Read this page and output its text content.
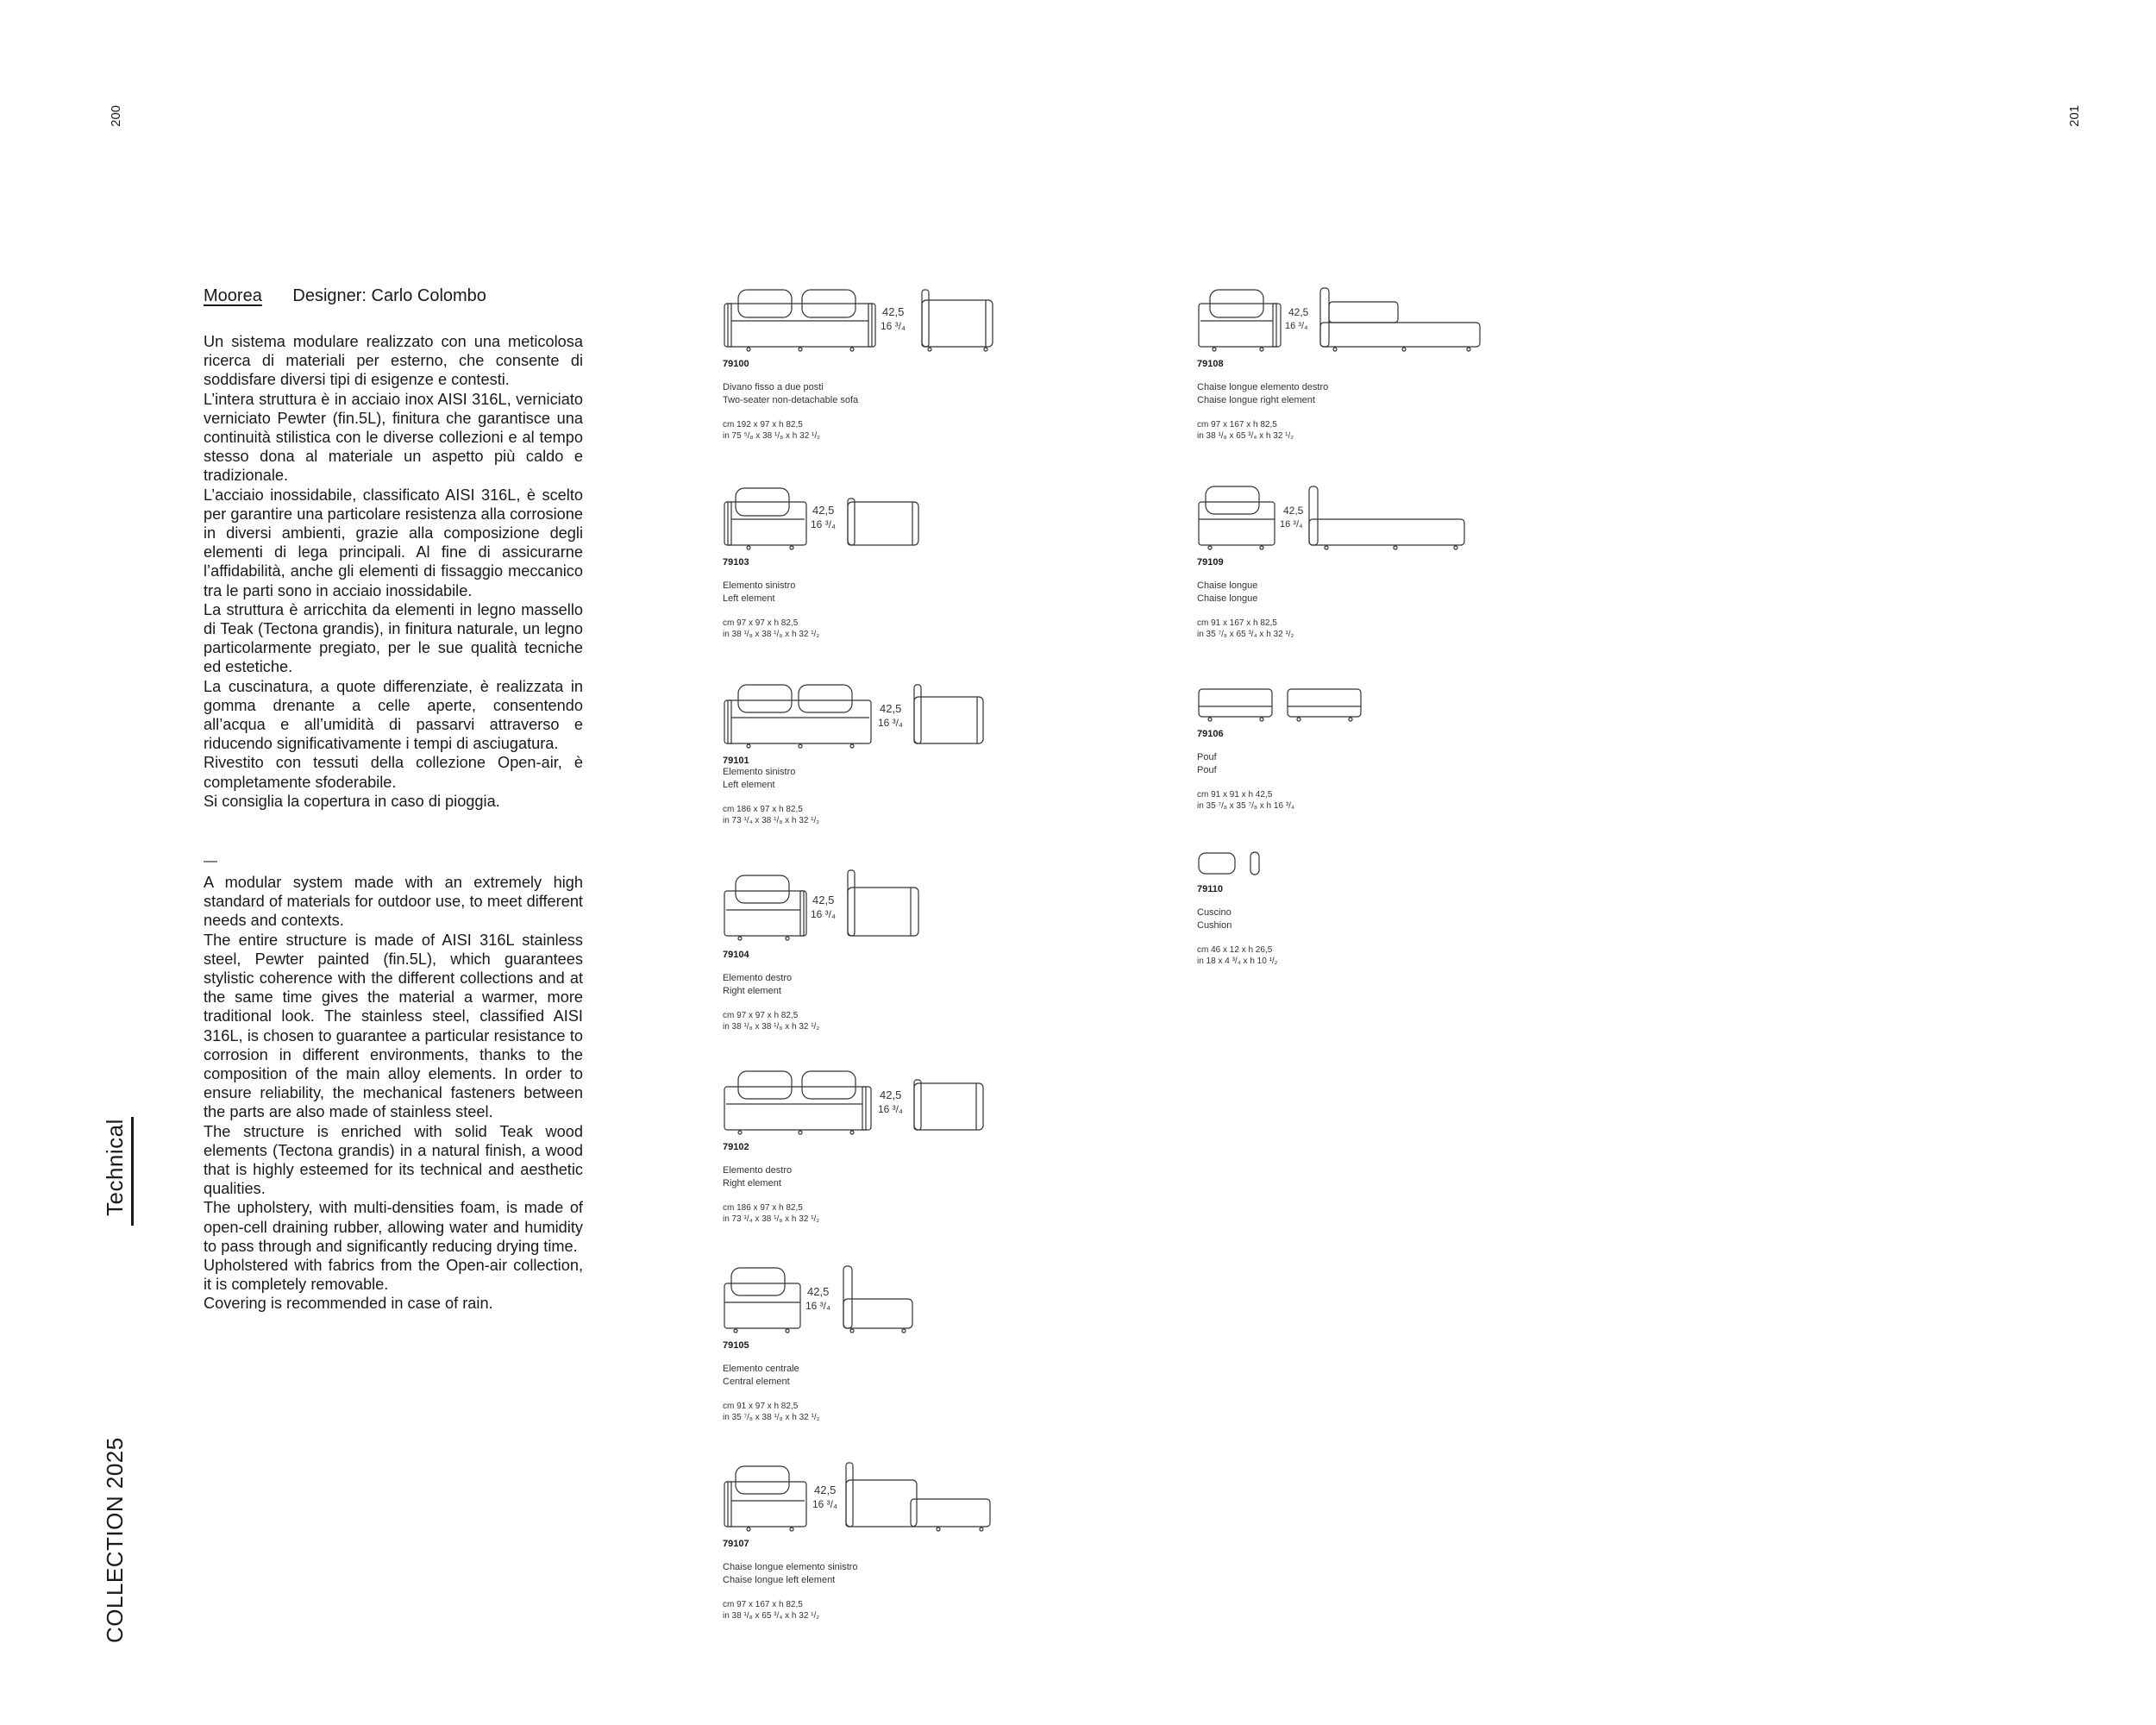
200	201
COLLECTION 2025
Technical
Moorea Designer: Carlo Colombo

Un sistema modulare realizzato con una meticolosa ricerca di materiali per esterno, che consente di soddisfare diversi tipi di esigenze e contesti.

L’intera struttura è in acciaio inox AISI 316L, verniciato verniciato Pewter (fin.5L), finitura che garantisce una continuità stilistica con le diverse collezioni e al tempo stesso dona al materiale un aspetto più caldo e tradizionale.

L’acciaio inossidabile, classificato AISI 316L, è scelto per garantire una particolare resistenza alla corrosione in diversi ambienti, grazie alla composizione degli elementi di lega principali. Al fine di assicurarne l’affidabilità, anche gli elementi di fissaggio meccanico tra le parti sono in acciaio inossidabile.

La struttura è arricchita da elementi in legno massello di Teak (Tectona grandis), in finitura naturale, un legno particolarmente pregiato, per le sue qualità tecniche ed estetiche.

La cuscinatura, a quote differenziate, è realizzata in gomma drenante a celle aperte, consentendo all’acqua e all’umidità di passarvi attraverso e riducendo significativamente i tempi di asciugatura.

Rivestito con tessuti della collezione Open-air, è completamente sfoderabile.

Si consiglia la copertura in caso di pioggia.

—

A modular system made with an extremely high standard of materials for outdoor use, to meet different needs and contexts.

The entire structure is made of AISI 316L stainless steel, Pewter painted (fin.5L), which guarantees stylistic coherence with the different collections and at the same time gives the material a warmer, more traditional look. The stainless steel, classified AISI 316L, is chosen to guarantee a particular resistance to corrosion in different environments, thanks to the composition of the main alloy elements. In order to ensure reliability, the mechanical fasteners between the parts are also made of stainless steel.

The structure is enriched with solid Teak wood elements (Tectona grandis) in a natural finish, a wood that is highly esteemed for its technical and aesthetic qualities.

The upholstery, with multi-densities foam, is made of open-cell draining rubber, allowing water and humidity to pass through and significantly reducing drying time.

Upholstered with fabrics from the Open-air collection, it is completely removable.

Covering is recommended in case of rain.

42,5
16 ³/₄
79100
Divano fisso a due posti
Two-seater non-detachable sofa
cm 192 x 97 x h 82,5
in 75 ⁵/₈ x 38 ¹/₈ x h 32 ¹/₂
42,5
16 ³/₄
79103
Elemento sinistro
Left element
cm 97 x 97 x h 82,5
in 38 ¹/₈ x 38 ¹/₈ x h 32 ¹/₂
42,5
16 ³/₄
79101
Elemento sinistro
Left element
cm 186 x 97 x h 82,5
in 73 ¹/₄ x 38 ¹/₈ x h 32 ¹/₂
42,5
16 ³/₄
79104
Elemento destro
Right element
cm 97 x 97 x h 82,5
in 38 ¹/₈ x 38 ¹/₈ x h 32 ¹/₂
42,5
16 ³/₄
79102
Elemento destro
Right element
cm 186 x 97 x h 82,5
in 73 ¹/₄ x 38 ¹/₈ x h 32 ¹/₂
42,5
16 ³/₄
79105
Elemento centrale
Central element
cm 91 x 97 x h 82,5
in 35 ⁷/₈ x 38 ¹/₈ x h 32 ¹/₂
42,5
16 ³/₄
79107
Chaise longue elemento sinistro
Chaise longue left element
cm 97 x 167 x h 82,5
in 38 ¹/₈ x 65 ³/₄ x h 32 ¹/₂
42,5
16 ³/₄
79108
Chaise longue elemento destro
Chaise longue right element
cm 97 x 167 x h 82,5
in 38 ¹/₈ x 65 ³/₄ x h 32 ¹/₂
42,5
16 ³/₄
79109
Chaise longue
Chaise longue
cm 91 x 167 x h 82,5
in 35 ⁷/₈ x 65 ³/₄ x h 32 ¹/₂
79106
Pouf
Pouf
cm 91 x 91 x h 42,5
in 35 ⁷/₈ x 35 ⁷/₈ x h 16 ³/₄
79110
Cuscino
Cushion
cm 46 x 12 x h 26,5
in 18 x 4 ³/₄ x h 10 ¹/₂
